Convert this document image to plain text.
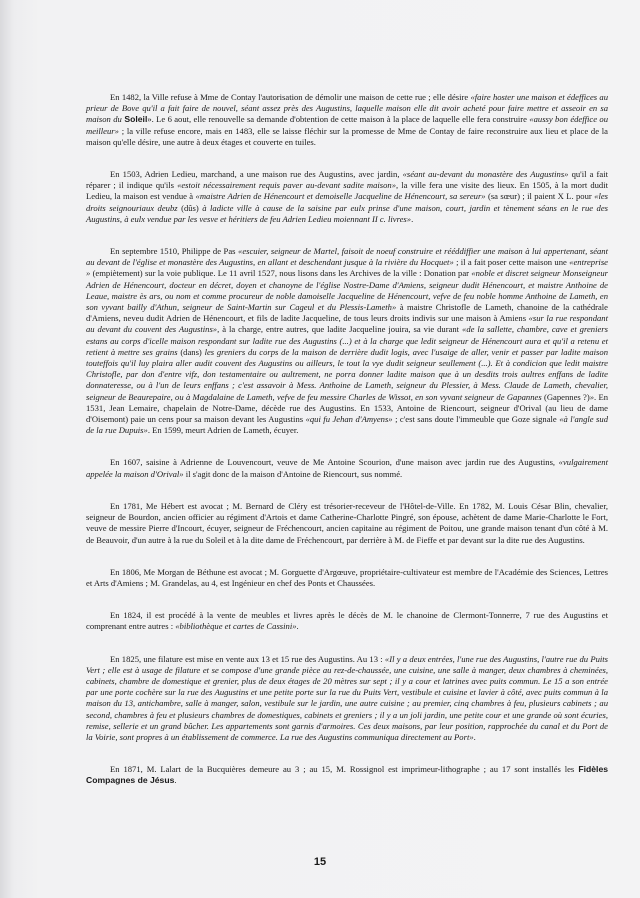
En 1482, la Ville refuse à Mme de Contay l'autorisation de démolir une maison de cette rue ; elle désire «faire hoster une maison et édeffices au prieur de Bove qu'il a fait faire de nouvel, séant assez près des Augustins, laquelle maison elle dit avoir acheté pour faire mettre et asseoir en sa maison du Soleil». Le 6 aout, elle renouvelle sa demande d'obtention de cette maison à la place de laquelle elle fera construire «aussy bon édeffice ou meilleur» ; la ville refuse encore, mais en 1483, elle se laisse fléchir sur la promesse de Mme de Contay de faire reconstruire aux lieu et place de la maison qu'elle désire, une autre à deux étages et couverte en tuiles.

En 1503, Adrien Ledieu, marchand, a une maison rue des Augustins, avec jardin, «séant au-devant du monastère des Augustins» qu'il a fait réparer ; il indique qu'ils «estoit nécessairement requis paver au-devant sadite maison», la ville fera une visite des lieux. En 1505, à la mort dudit Ledieu, la maison est vendue à «maistre Adrien de Hénencourt et demoiselle Jacqueline de Hénencourt, sa sereur» (sa sœur) ; il paient X L. pour «les droits seignouriaux deubz (dûs) à ladicte ville à cause de la saisine par eulx prinse d'une maison, court, jardin et tènement séans en le rue des Augustins, à eulx vendue par les vesve et héritiers de feu Adrien Ledieu moiennant II c. livres».

En septembre 1510, Philippe de Pas «escuier, seigneur de Martel, faisoit de noeuf construire et rééddiffier une maison à lui appertenant, séant au devant de l'église et monastère des Augustins, en allant et deschendant jusque à la rivière du Hocquet» ; il a fait poser cette maison une «entreprise » (empiètement) sur la voie publique. Le 11 avril 1527, nous lisons dans les Archives de la ville : Donation par «noble et discret seigneur Monseigneur Adrien de Hénencourt, docteur en décret, doyen et chanoyne de l'église Nostre-Dame d'Amiens, seigneur dudit Hénencourt, et maistre Anthoine de Leaue, maistre ès ars, ou nom et comme procureur de noble damoiselle Jacqueline de Hénencourt, vefve de feu noble homme Anthoine de Lameth, en son vyvant bailly d'Athun, seigneur de Saint-Martin sur Cageul et du Plessis-Lameth» à maistre Christofle de Lameth, chanoine de la cathédrale d'Amiens, neveu dudit Adrien de Hénencourt, et fils de ladite Jacqueline, de tous leurs droits indivis sur une maison à Amiens «sur la rue respondant au devant du couvent des Augustins», à la charge, entre autres, que ladite Jacqueline jouira, sa vie durant «de la sallette, chambre, cave et greniers estans au corps d'icelle maison respondant sur ladite rue des Augustins (...) et à la charge que ledit seigneur de Hénencourt aura et qu'il a retenu et retient à mettre ses grains (dans) les greniers du corps de la maison de derrière dudit logis, avec l'usaige de aller, venir et passer par ladite maison touteffois qu'il luy plaira aller audit couvent des Augustins ou ailleurs, le tout la vye dudit seigneur seullement (...). Et à condicion que ledit maistre Christofle, par don d'entre vifz, don testamentaire ou aultrement, ne porra donner ladite maison que à un desdits trois aultres enffans de ladite donnateresse, ou à l'un de leurs enffans ; c'est assavoir à Mess. Anthoine de Lameth, seigneur du Plessier, à Mess. Claude de Lameth, chevalier, seigneur de Beaurepaire, ou à Magdalaine de Lameth, vefve de feu messire Charles de Wissot, en son vyvant seigneur de Gapannes (Gapennes ?)». En 1531, Jean Lemaire, chapelain de Notre-Dame, décède rue des Augustins. En 1533, Antoine de Riencourt, seigneur d'Orival (au lieu de dame d'Oisemont) paie un cens pour sa maison devant les Augustins «qui fu Jehan d'Amyens» ; c'est sans doute l'immeuble que Goze signale «à l'angle sud de la rue Dupuis». En 1599, meurt Adrien de Lameth, écuyer.

En 1607, saisine à Adrienne de Louvencourt, veuve de Me Antoine Scourion, d'une maison avec jardin rue des Augustins, «vulgairement appelée la maison d'Orival» il s'agit donc de la maison d'Antoine de Riencourt, sus nommé.

En 1781, Me Hébert est avocat ; M. Bernard de Cléry est trésorier-receveur de l'Hôtel-de-Ville. En 1782, M. Louis César Blin, chevalier, seigneur de Bourdon, ancien officier au régiment d'Artois et dame Catherine-Charlotte Pingré, son épouse, achètent de dame Marie-Charlotte le Fort, veuve de messire Pierre d'Incourt, écuyer, seigneur de Fréchencourt, ancien capitaine au régiment de Poitou, une grande maison tenant d'un côté à M. de Beauvoir, d'un autre à la rue du Soleil et à la dite dame de Fréchencourt, par derrière à M. de Fieffe et par devant sur la dite rue des Augustins.

En 1806, Me Morgan de Béthune est avocat ; M. Gorguette d'Argœuve, propriétaire-cultivateur est membre de l'Académie des Sciences, Lettres et Arts d'Amiens ; M. Grandelas, au 4, est Ingénieur en chef des Ponts et Chaussées.

En 1824, il est procédé à la vente de meubles et livres après le décès de M. le chanoine de Clermont-Tonnerre, 7 rue des Augustins et comprenant entre autres : «bibliothèque et cartes de Cassini».

En 1825, une filature est mise en vente aux 13 et 15 rue des Augustins. Au 13 : «Il y a deux entrées, l'une rue des Augustins, l'autre rue du Puits Vert ; elle est à usage de filature et se compose d'une grande pièce au rez-de-chaussée, une cuisine, une salle à manger, deux chambres à cheminées, cabinets, chambre de domestique et grenier, plus de deux étages de 20 mètres sur sept ; il y a cour et latrines avec puits commun. Le 15 a son entrée par une porte cochère sur la rue des Augustins et une petite porte sur la rue du Puits Vert, vestibule et cuisine et lavier à côté, avec puits commun à la maison du 13, antichambre, salle à manger, salon, vestibule sur le jardin, une autre cuisine ; au premier, cinq chambres à feu, plusieurs cabinets ; au second, chambres à feu et plusieurs chambres de domestiques, cabinets et greniers ; il y a un joli jardin, une petite cour et une grande où sont écuries, remise, sellerie et un grand bûcher. Les appartements sont garnis d'armoires. Ces deux maisons, par leur position, rapprochée du canal et du Port de la Voirie, sont propres à un établissement de commerce. La rue des Augustins communiqua directement au Port».

En 1871, M. Lalart de la Bucquières demeure au 3 ; au 15, M. Rossignol est imprimeur-lithographe ; au 17 sont installés les Fidèles Compagnes de Jésus.

15
